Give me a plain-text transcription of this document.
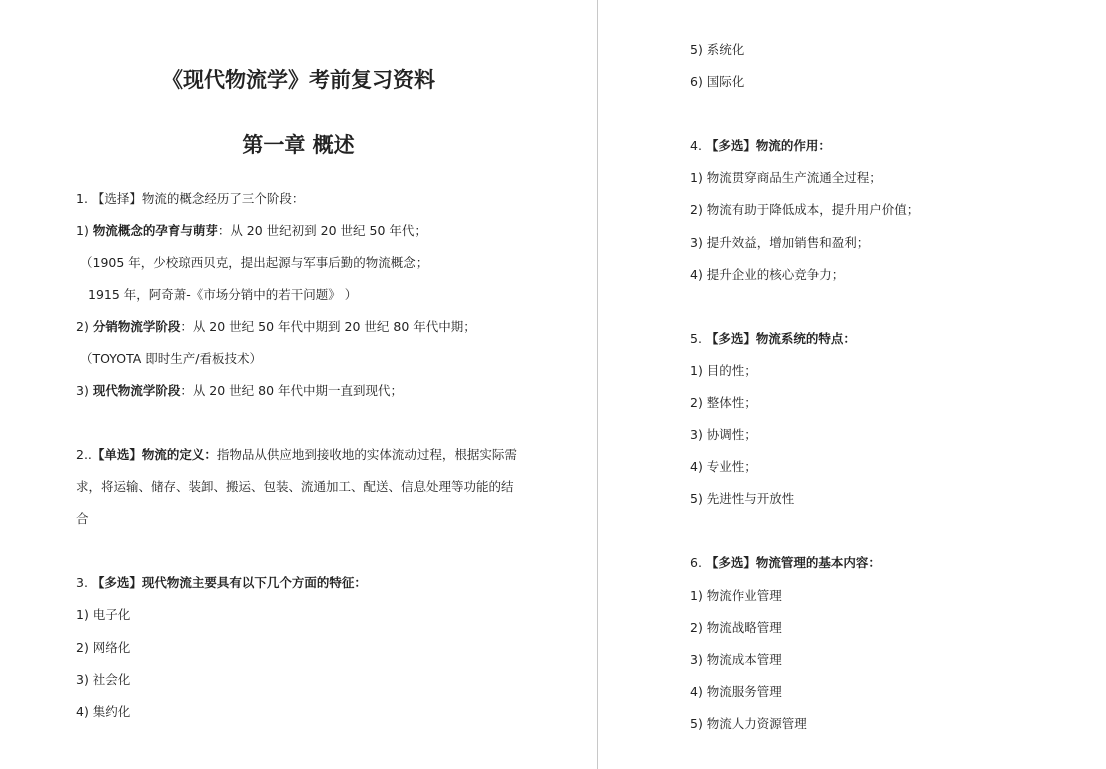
《现代物流学》考前复习资料
第一章 概述
1. 【选择】物流的概念经历了三个阶段：
1) 物流概念的孕育与萌芽：从 20 世纪初到 20 世纪 50 年代；
（1905 年，少校琼西贝克，提出起源与军事后勤的物流概念；
1915 年，阿奇萧-《市场分销中的若干问题》 ）
2) 分销物流学阶段：从 20 世纪 50 年代中期到 20 世纪 80 年代中期；
（TOYOTA 即时生产/看板技术）
3) 现代物流学阶段：从 20 世纪 80 年代中期一直到现代；
2..【单选】物流的定义：指物品从供应地到接收地的实体流动过程，根据实际需
求，将运输、储存、装卸、搬运、包装、流通加工、配送、信息处理等功能的结
合
3. 【多选】现代物流主要具有以下几个方面的特征：
1) 电子化
2) 网络化
3) 社会化
4) 集约化
5) 系统化
6) 国际化
4. 【多选】物流的作用：
1) 物流贯穿商品生产流通全过程；
2) 物流有助于降低成本，提升用户价值；
3) 提升效益，增加销售和盈利；
4) 提升企业的核心竞争力；
5. 【多选】物流系统的特点：
1) 目的性；
2) 整体性；
3) 协调性；
4) 专业性；
5) 先进性与开放性
6. 【多选】物流管理的基本内容：
1) 物流作业管理
2) 物流战略管理
3) 物流成本管理
4) 物流服务管理
5) 物流人力资源管理
